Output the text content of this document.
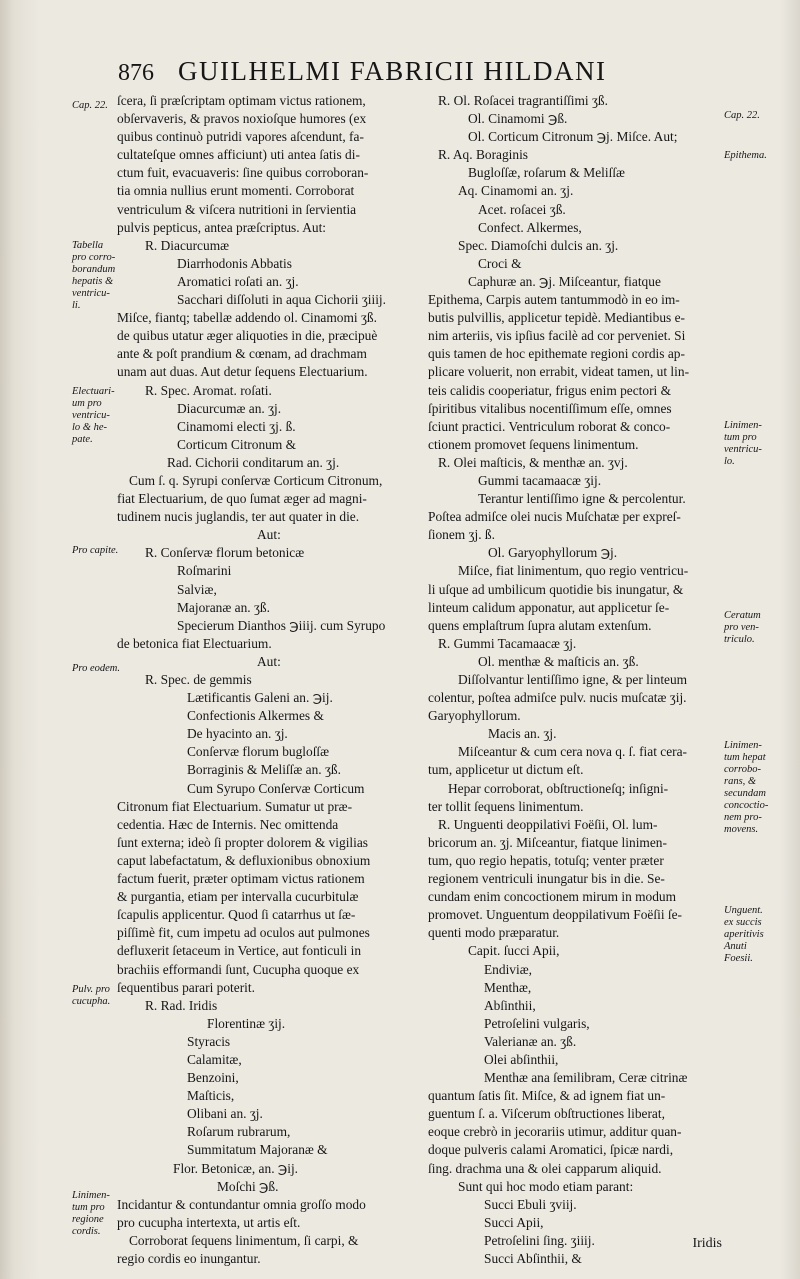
876 GUILHELMI FABRICII HILDANI
Cap. 22.
Tabella
pro corro-
borandum
hepatis &
ventricu-
li.
Electuari-
um pro
ventricu-
lo & he-
pate.
Pro capite.
Pro eodem.
Pulv. pro
cucupha.
Linimen-
tum pro
regione
cordis.
Cap. 22.
Epithema.
Linimen-
tum pro
ventricu-
lo.
Ceratum
pro ven-
triculo.
Linimen-
tum hepat
corrobo-
rans, &
secundam
concoctio-
nem pro-
movens.
Unguent.
ex succis
aperitivis
Anuti
Foesii.
ſcera, ſi præſcriptam optimam victus rationem,
obſervaveris, & pravos noxioſque humores (ex
quibus continuò putridi vapores aſcendunt, fa-
cultateſque omnes afficiunt) uti antea ſatis di-
ctum fuit, evacuaveris: ſine quibus corroboran-
tia omnia nullius erunt momenti. Corroborat
ventriculum & viſcera nutritioni in ſervientia
pulvis pepticus, antea præſcriptus. Aut:
R. Diacurcumæ
Diarrhodonis Abbatis
Aromatici roſati an. ʒj.
Sacchari diſſoluti in aqua Cichorii ʒiiij.
Miſce, fiantq; tabellæ addendo ol. Cinamomi ʒß.
de quibus utatur æger aliquoties in die, præcipuè
ante & poſt prandium & cœnam, ad drachmam
unam aut duas. Aut detur ſequens Electuarium.
R. Spec. Aromat. roſati.
Diacurcumæ an. ʒj.
Cinamomi electi ʒj. ß.
Corticum Citronum &
Rad. Cichorii conditarum an. ʒj.
Cum ſ. q. Syrupi conſervæ Corticum Citronum,
fiat Electuarium, de quo ſumat æger ad magni-
tudinem nucis juglandis, ter aut quater in die.
Aut:
R. Conſervæ florum betonicæ
Roſmarini
Salviæ,
Majoranæ an. ʒß.
Specierum Dianthos ℈iiij. cum Syrupo
de betonica fiat Electuarium.
Aut:
R. Spec. de gemmis
Lætificantis Galeni an. ℈ij.
Confectionis Alkermes &
De hyacinto an. ʒj.
Conſervæ florum bugloſſæ
Borraginis & Meliſſæ an. ʒß.
Cum Syrupo Conſervæ Corticum
Citronum fiat Electuarium. Sumatur ut præ-
cedentia. Hæc de Internis. Nec omittenda
ſunt externa; ideò ſi propter dolorem & vigilias
caput labefactatum, & defluxionibus obnoxium
factum fuerit, præter optimam victus rationem
& purgantia, etiam per intervalla cucurbitulæ
ſcapulis applicentur. Quod ſi catarrhus ut ſæ-
piſſimè fit, cum impetu ad oculos aut pulmones
defluxerit ſetaceum in Vertice, aut fonticuli in
brachiis efformandi ſunt, Cucupha quoque ex
ſequentibus parari poterit.
R. Rad. Iridis
Florentinæ ʒij.
Styracis
Calamitæ,
Benzoini,
Maſticis,
Olibani an. ʒj.
Roſarum rubrarum,
Summitatum Majoranæ &
Flor. Betonicæ, an. ℈ij.
Moſchi ℈ß.
Incidantur & contundantur omnia groſſo modo
pro cucupha intertexta, ut artis eſt.
Corroborat ſequens linimentum, ſi carpi, &
regio cordis eo inungantur.
R. Ol. Roſacei tragrantiſſimi ʒß.
Ol. Cinamomi ℈ß.
Ol. Corticum Citronum ℈j. Miſce. Aut;
R. Aq. Boraginis
Bugloſſæ, roſarum & Meliſſæ
Aq. Cinamomi an. ʒj.
Acet. roſacei ʒß.
Confect. Alkermes,
Spec. Diamoſchi dulcis an. ʒj.
Croci &
Caphuræ an. ℈j. Miſceantur, fiatque
Epithema, Carpis autem tantummodò in eo im-
butis pulvillis, applicetur tepidè. Mediantibus e-
nim arteriis, vis ipſius facilè ad cor perveniet. Si
quis tamen de hoc epithemate regioni cordis ap-
plicare voluerit, non errabit, videat tamen, ut lin-
teis calidis cooperiatur, frigus enim pectori &
ſpiritibus vitalibus nocentiſſimum eſſe, omnes
ſciunt practici. Ventriculum roborat & conco-
ctionem promovet ſequens linimentum.
R. Olei maſticis, & menthæ an. ʒvj.
Gummi tacamaacæ ʒij.
Terantur lentiſſimo igne & percolentur.
Poſtea admiſce olei nucis Muſchatæ per expreſ-
ſionem ʒj. ß.
Ol. Garyophyllorum ℈j.
Miſce, fiat linimentum, quo regio ventricu-
li uſque ad umbilicum quotidie bis inungatur, &
linteum calidum apponatur, aut applicetur ſe-
quens emplaſtrum ſupra alutam extenſum.
R. Gummi Tacamaacæ ʒj.
Ol. menthæ & maſticis an. ʒß.
Diſſolvantur lentiſſimo igne, & per linteum
colentur, poſtea admiſce pulv. nucis muſcatæ ʒij.
Garyophyllorum.
Macis an. ʒj.
Miſceantur & cum cera nova q. ſ. fiat cera-
tum, applicetur ut dictum eſt.
Hepar corroborat, obſtructioneſq; inſigni-
ter tollit ſequens linimentum.
R. Unguenti deoppilativi Foëſii, Ol. lum-
bricorum an. ʒj. Miſceantur, fiatque linimen-
tum, quo regio hepatis, totuſq; venter præter
regionem ventriculi inungatur bis in die. Se-
cundam enim concoctionem mirum in modum
promovet. Unguentum deoppilativum Foëſii ſe-
quenti modo præparatur.
Capit. ſucci Apii,
Endiviæ,
Menthæ,
Abſinthii,
Petroſelini vulgaris,
Valerianæ an. ʒß.
Olei abſinthii,
Menthæ ana ſemilibram, Ceræ citrinæ
quantum ſatis ſit. Miſce, & ad ignem fiat un-
guentum ſ. a. Viſcerum obſtructiones liberat,
eoque crebrò in jecorariis utimur, additur quan-
doque pulveris calami Aromatici, ſpicæ nardi,
ſing. drachma una & olei capparum aliquid.
Sunt qui hoc modo etiam parant:
Succi Ebuli ʒviij.
Succi Apii,
Petroſelini ſing. ʒiiij.
Succi Abſinthii, &
Iridis
